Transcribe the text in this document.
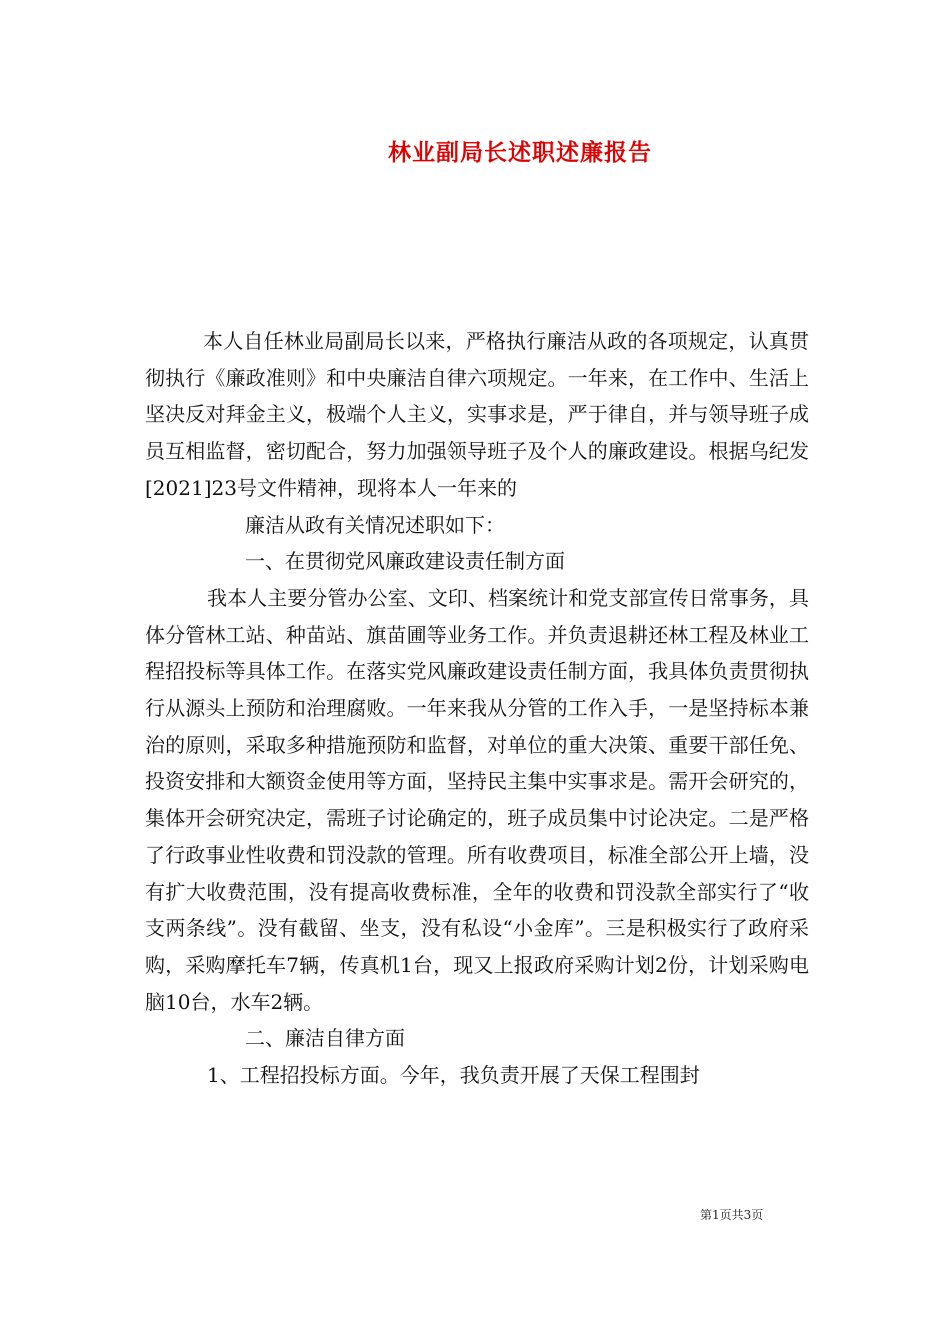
林业副局长述职述廉报告

本人自任林业局副局长以来，严格执行廉洁从政的各项规定，认真贯彻执行《廉政准则》和中央廉洁自律六项规定。一年来，在工作中、生活上坚决反对拜金主义，极端个人主义，实事求是，严于律自，并与领导班子成员互相监督，密切配合，努力加强领导班子及个人的廉政建设。根据乌纪发[2021]23号文件精神，现将本人一年来的

廉洁从政有关情况述职如下：

一、在贯彻党风廉政建设责任制方面

我本人主要分管办公室、文印、档案统计和党支部宣传日常事务，具体分管林工站、种苗站、旗苗圃等业务工作。并负责退耕还林工程及林业工程招投标等具体工作。在落实党风廉政建设责任制方面，我具体负责贯彻执行从源头上预防和治理腐败。一年来我从分管的工作入手，一是坚持标本兼治的原则，采取多种措施预防和监督，对单位的重大决策、重要干部任免、投资安排和大额资金使用等方面，坚持民主集中实事求是。需开会研究的，集体开会研究决定，需班子讨论确定的，班子成员集中讨论决定。二是严格了行政事业性收费和罚没款的管理。所有收费项目，标准全部公开上墙，没有扩大收费范围，没有提高收费标准，全年的收费和罚没款全部实行了“收支两条线”。没有截留、坐支，没有私设“小金库”。三是积极实行了政府采购，采购摩托车7辆，传真机1台，现又上报政府采购计划2份，计划采购电脑10台，水车2辆。

二、廉洁自律方面

1、工程招投标方面。今年，我负责开展了天保工程围封

第1页共3页
